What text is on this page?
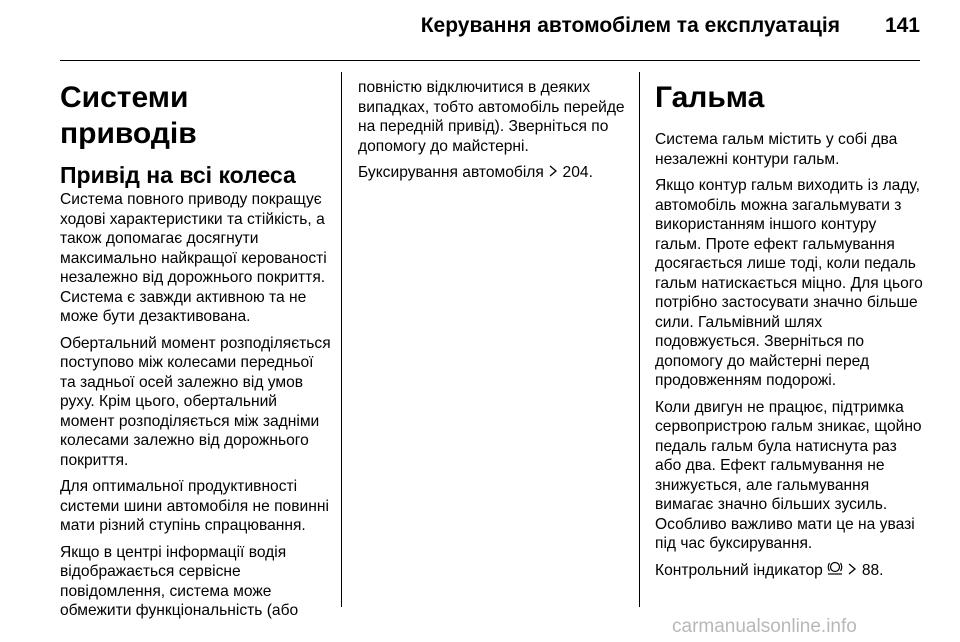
Керування автомобілем та експлуатація 141
Системи приводів
Привід на всі колеса

Система повного приводу покращує ходові характеристики та стійкість, а також допомагає досягнути максимально найкращої керованості незалежно від дорожнього покриття. Система є завжди активною та не може бути дезактивована.

Обертальний момент розподіляється поступово між колесами передньої та задньої осей залежно від умов руху. Крім цього, обертальний момент розподіляється між задніми колесами залежно від дорожнього покриття.

Для оптимальної продуктивності системи шини автомобіля не повинні мати різний ступінь спрацювання.

Якщо в центрі інформації водія відображається сервісне повідомлення, система може обмежити функціональність (або

повністю відключитися в деяких випадках, тобто автомобіль перейде на передній привід). Зверніться по допомогу до майстерні.

Буксирування автомобіля 204.

Гальма

Система гальм містить у собі два незалежні контури гальм.

Якщо контур гальм виходить із ладу, автомобіль можна загальмувати з використанням іншого контуру гальм. Проте ефект гальмування досягається лише тоді, коли педаль гальм натискається міцно. Для цього потрібно застосувати значно більше сили. Гальмівний шлях подовжується. Зверніться по допомогу до майстерні перед продовженням подорожі.

Коли двигун не працює, підтримка сервопристрою гальм зникає, щойно педаль гальм була натиснута раз або два. Ефект гальмування не знижується, але гальмування вимагає значно більших зусиль. Особливо важливо мати це на увазі під час буксирування.

Контрольний індикатор	88.

carmanualsonline.info
